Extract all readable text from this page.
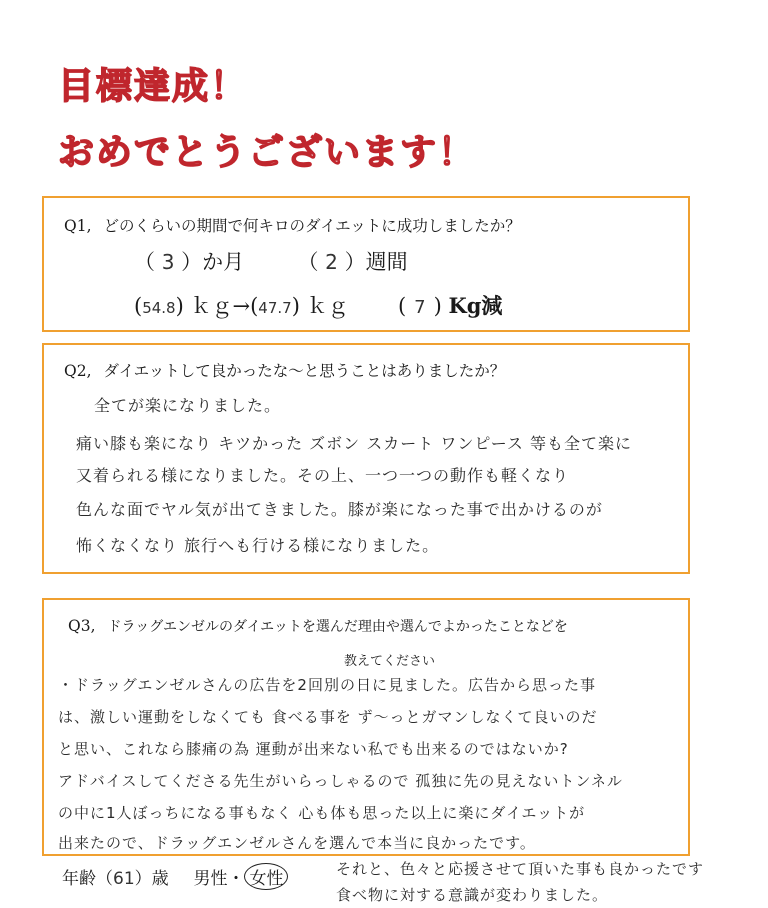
目標達成！
おめでとうございます！
Q1, どのくらいの期間で何キロのダイエットに成功しましたか？
（ 3 ）か月  （ 2 ）週間
(54.8) ｋｇ→(47.7) ｋｇ  ( 7 ) Kg減
Q2, ダイエットして良かったな～と思うことはありましたか？
全てが楽になりました。
痛い膝も楽になり キツかった ズボン スカート ワンピース 等も全て楽に
又着られる様になりました。その上、一つ一つの動作も軽くなり
色んな面でヤル気が出てきました。膝が楽になった事で出かけるのが
怖くなくなり 旅行へも行ける様になりました。
Q3, ドラッグエンゼルのダイエットを選んだ理由や選んでよかったことなどを
教えてください
・ドラッグエンゼルさんの広告を2回別の日に見ました。広告から思った事
は、激しい運動をしなくても 食べる事を ず～っとガマンしなくて良いのだ
と思い、これなら膝痛の為 運動が出来ない私でも出来るのではないか?
アドバイスしてくださる先生がいらっしゃるので 孤独に先の見えないトンネル
の中に1人ぼっちになる事もなく 心も体も思った以上に楽にダイエットが
出来たので、ドラッグエンゼルさんを選んで本当に良かったです。
年齢（61）歳 男性・ 女性	それと、色々と応援させて頂いた事も良かったです
食べ物に対する意識が変わりました。
